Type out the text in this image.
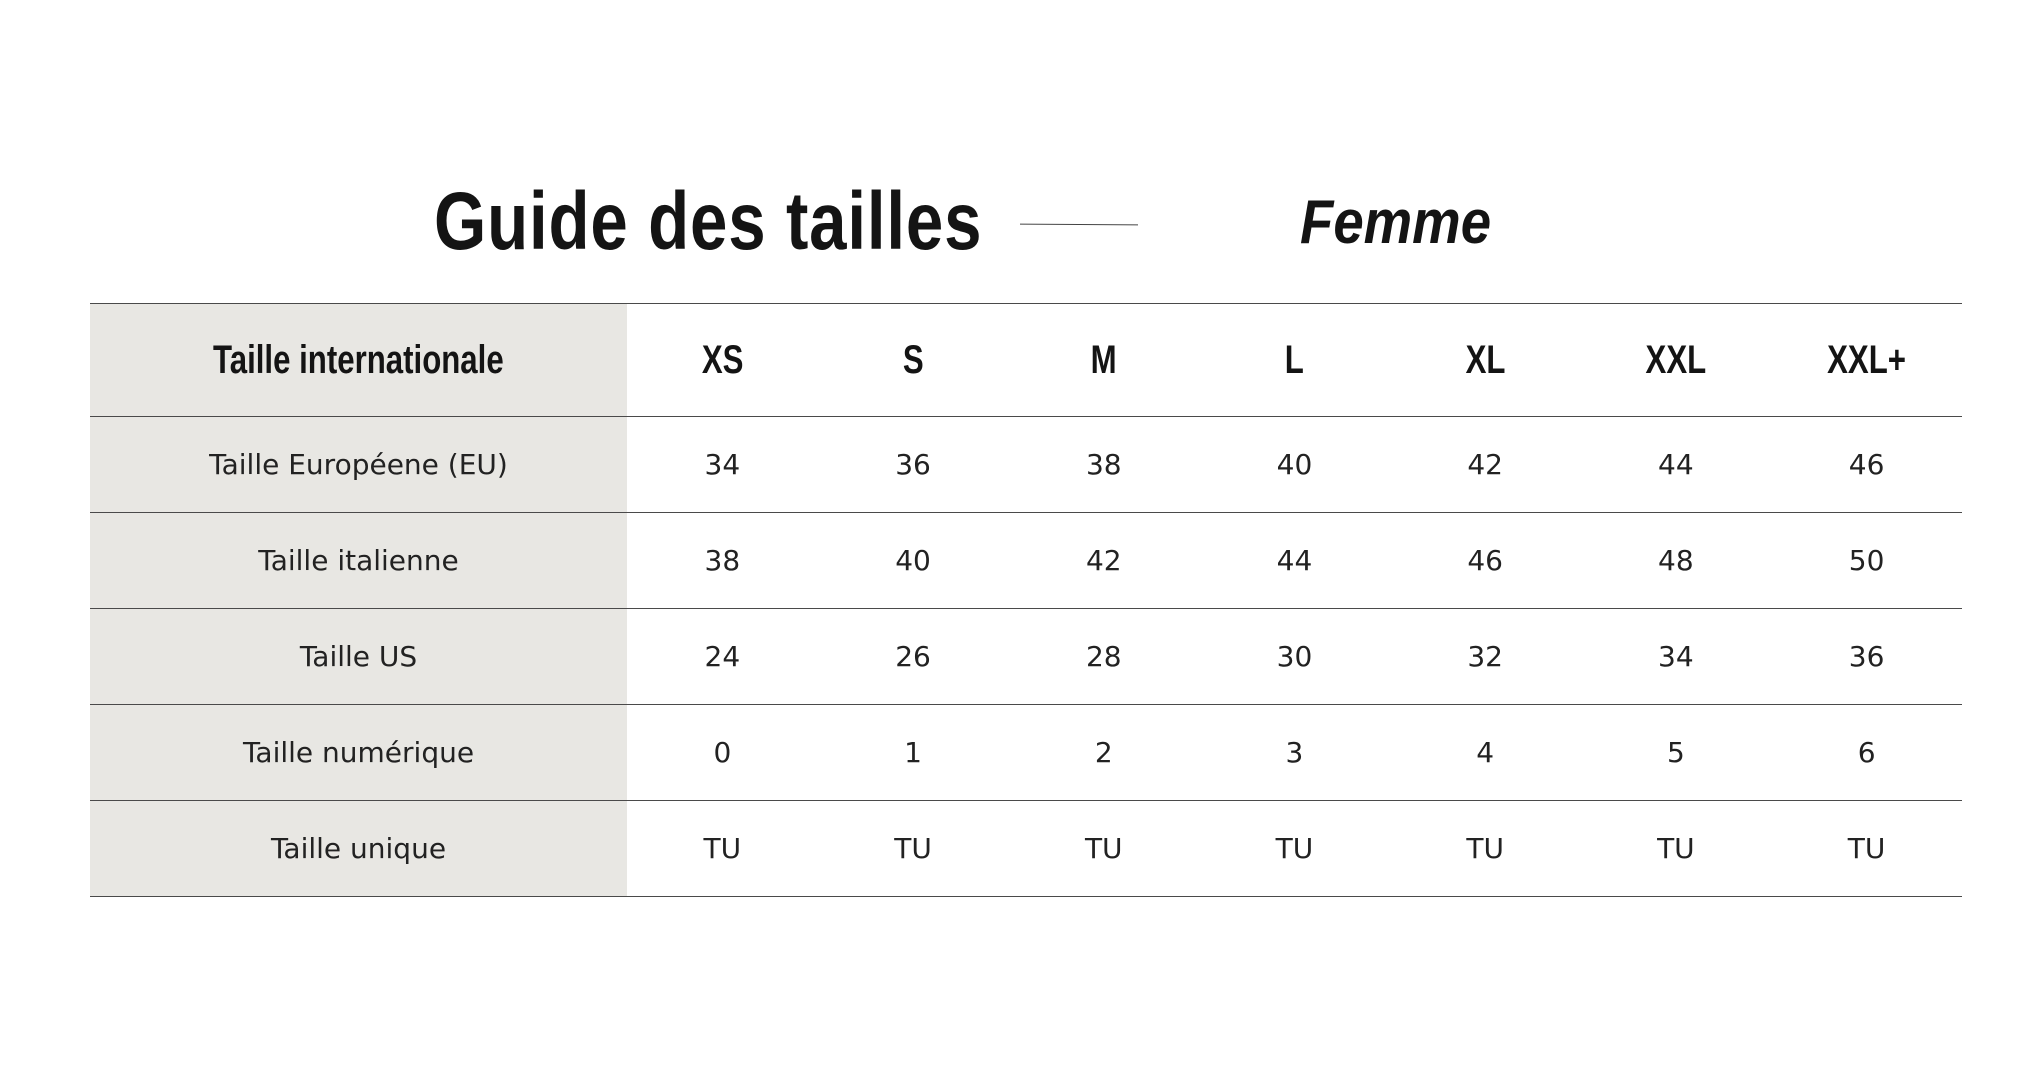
Guide des tailles	Femme
Taille internationale	XS	S	M	L	XL	XXL	XXL+
Taille Européene (EU)	34	36	38	40	42	44	46
Taille italienne	38	40	42	44	46	48	50
Taille US	24	26	28	30	32	34	36
Taille numérique	0	1	2	3	4	5	6
Taille unique	TU	TU	TU	TU	TU	TU	TU
